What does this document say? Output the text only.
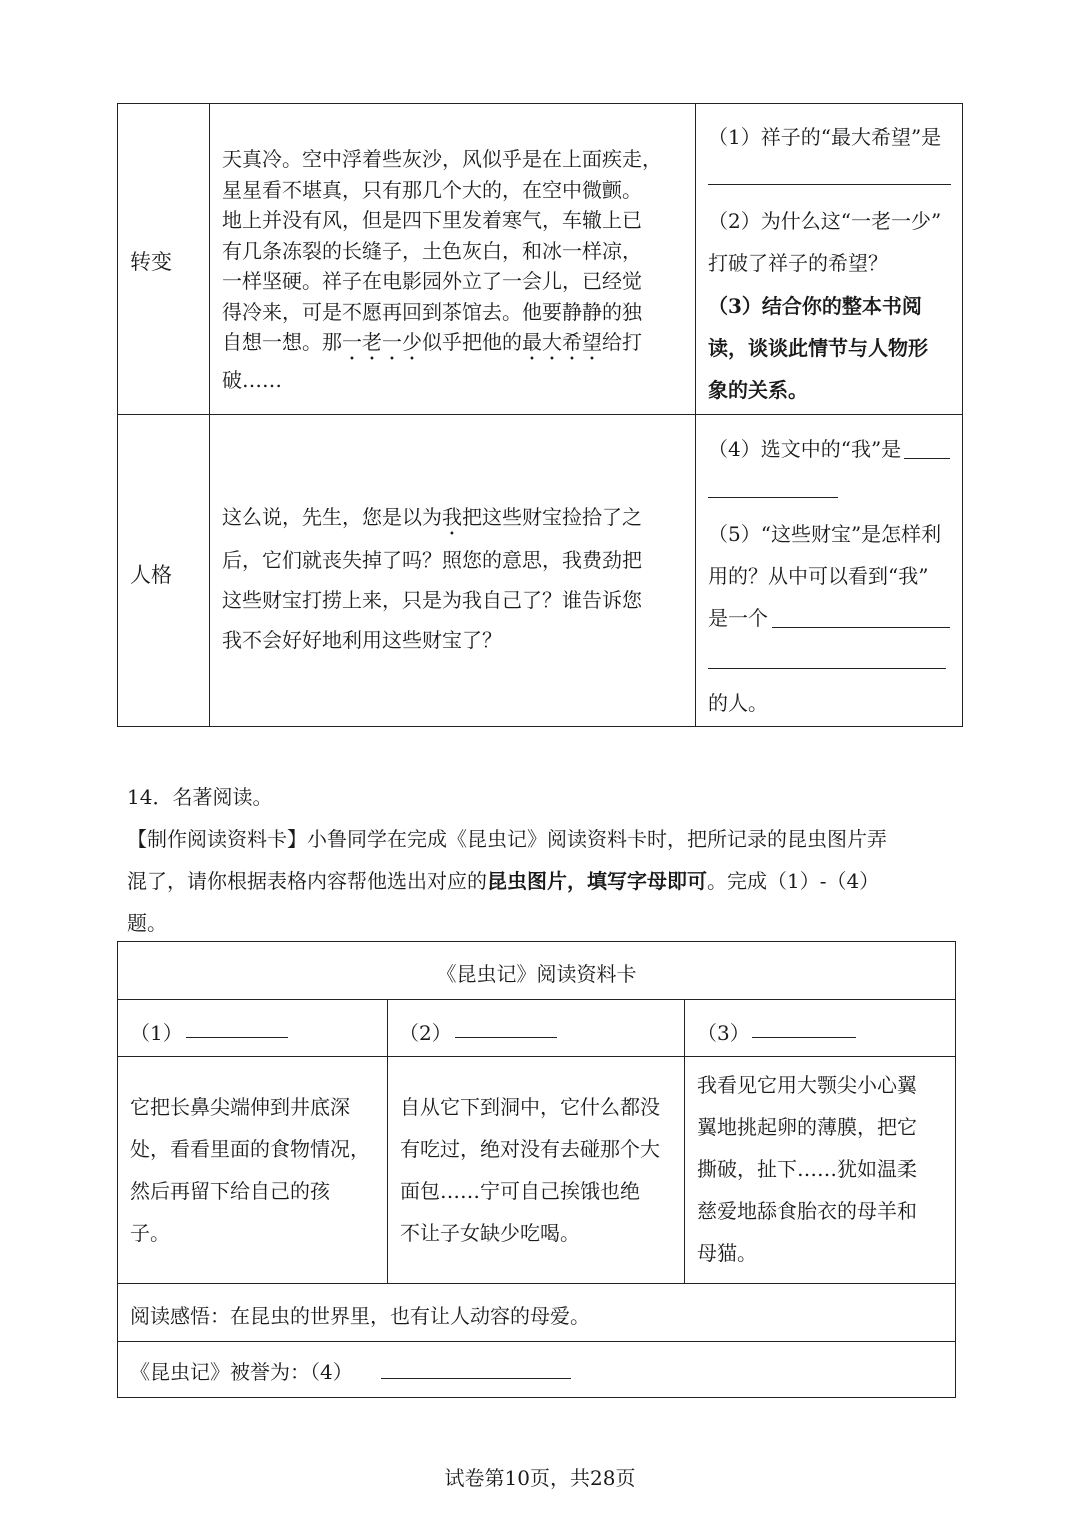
转变
天真冷。空中浮着些灰沙，风似乎是在上面疾走，
星星看不堪真，只有那几个大的，在空中微颤。
地上并没有风，但是四下里发着寒气，车辙上已
有几条冻裂的长缝子，土色灰白，和冰一样凉，
一样坚硬。祥子在电影园外立了一会儿，已经觉
得冷来，可是不愿再回到茶馆去。他要静静的独
自想一想。那一老一少似乎把他的最大希望给打
破……
（1）祥子的“最大希望”是
（2）为什么这“一老一少”
打破了祥子的希望？
（3）结合你的整本书阅
读，谈谈此情节与人物形
象的关系。
人格
这么说，先生，您是以为我把这些财宝捡拾了之
后，它们就丧失掉了吗？照您的意思，我费劲把
这些财宝打捞上来，只是为我自己了？谁告诉您
我不会好好地利用这些财宝了？
（4）选文中的“我”是
（5）“这些财宝”是怎样利
用的？从中可以看到“我”
是一个
的人。
14．名著阅读。
【制作阅读资料卡】小鲁同学在完成《昆虫记》阅读资料卡时，把所记录的昆虫图片弄
混了，请你根据表格内容帮他选出对应的昆虫图片，填写字母即可。完成（1）-（4）
题。
《昆虫记》阅读资料卡
（1）	（2）	（3）
它把长鼻尖端伸到井底深
处，看看里面的食物情况，
然后再留下给自己的孩
子。
自从它下到洞中，它什么都没
有吃过，绝对没有去碰那个大
面包……宁可自己挨饿也绝
不让子女缺少吃喝。
我看见它用大颚尖小心翼
翼地挑起卵的薄膜，把它
撕破，扯下……犹如温柔
慈爱地舔食胎衣的母羊和
母猫。
阅读感悟：在昆虫的世界里，也有让人动容的母爱。
《昆虫记》被誉为：（4）
试卷第10页，共28页
